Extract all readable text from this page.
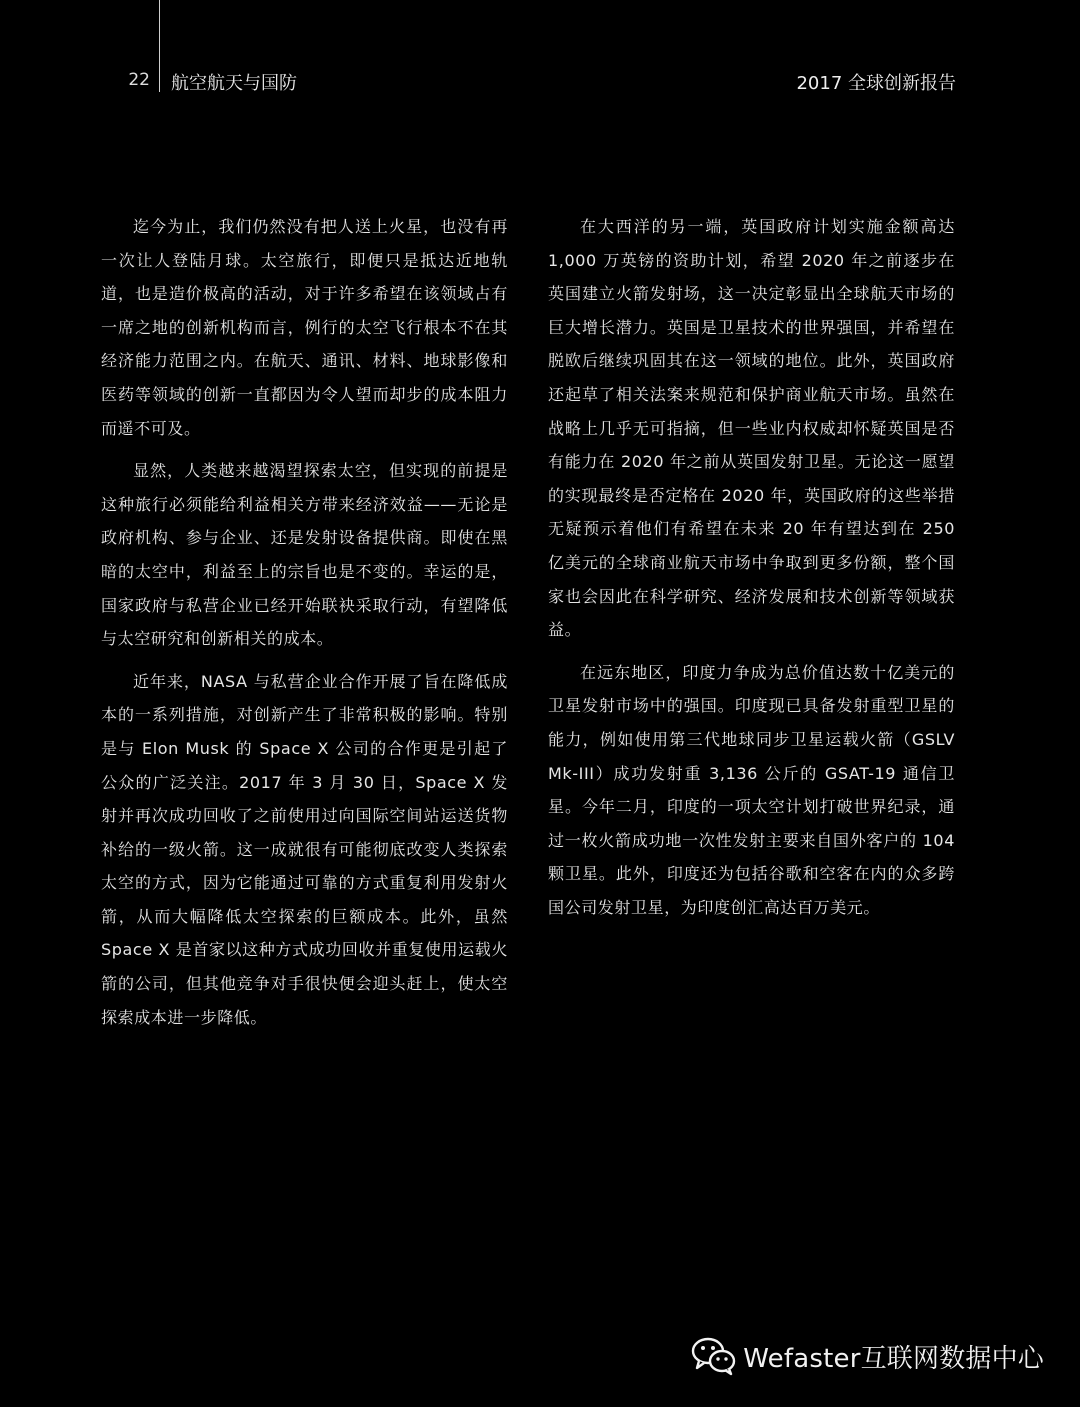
22 航空航天与国防	2017 全球创新报告

迄今为止，我们仍然没有把人送上火星，也没有再一次让人登陆月球。太空旅行，即便只是抵达近地轨道，也是造价极高的活动，对于许多希望在该领域占有一席之地的创新机构而言，例行的太空飞行根本不在其经济能力范围之内。在航天、通讯、材料、地球影像和医药等领域的创新一直都因为令人望而却步的成本阻力而遥不可及。

显然，人类越来越渴望探索太空，但实现的前提是这种旅行必须能给利益相关方带来经济效益——无论是政府机构、参与企业、还是发射设备提供商。即使在黑暗的太空中，利益至上的宗旨也是不变的。幸运的是，国家政府与私营企业已经开始联袂采取行动，有望降低与太空研究和创新相关的成本。

近年来，NASA 与私营企业合作开展了旨在降低成本的一系列措施，对创新产生了非常积极的影响。特别是与 Elon Musk 的 Space X 公司的合作更是引起了公众的广泛关注。2017 年 3 月 30 日，Space X 发射并再次成功回收了之前使用过向国际空间站运送货物补给的一级火箭。这一成就很有可能彻底改变人类探索太空的方式，因为它能通过可靠的方式重复利用发射火箭，从而大幅降低太空探索的巨额成本。此外，虽然 Space X 是首家以这种方式成功回收并重复使用运载火箭的公司，但其他竞争对手很快便会迎头赶上，使太空探索成本进一步降低。

在大西洋的另一端，英国政府计划实施金额高达 1,000 万英镑的资助计划，希望 2020 年之前逐步在英国建立火箭发射场，这一决定彰显出全球航天市场的巨大增长潜力。英国是卫星技术的世界强国，并希望在脱欧后继续巩固其在这一领域的地位。此外，英国政府还起草了相关法案来规范和保护商业航天市场。虽然在战略上几乎无可指摘，但一些业内权威却怀疑英国是否有能力在 2020 年之前从英国发射卫星。无论这一愿望的实现最终是否定格在 2020 年，英国政府的这些举措无疑预示着他们有希望在未来 20 年有望达到在 250 亿美元的全球商业航天市场中争取到更多份额，整个国家也会因此在科学研究、经济发展和技术创新等领域获益。

在远东地区，印度力争成为总价值达数十亿美元的卫星发射市场中的强国。印度现已具备发射重型卫星的能力，例如使用第三代地球同步卫星运载火箭（GSLV Mk-III）成功发射重 3,136 公斤的 GSAT-19 通信卫星。今年二月，印度的一项太空计划打破世界纪录，通过一枚火箭成功地一次性发射主要来自国外客户的 104 颗卫星。此外，印度还为包括谷歌和空客在内的众多跨国公司发射卫星，为印度创汇高达百万美元。

Wefaster互联网数据中心
